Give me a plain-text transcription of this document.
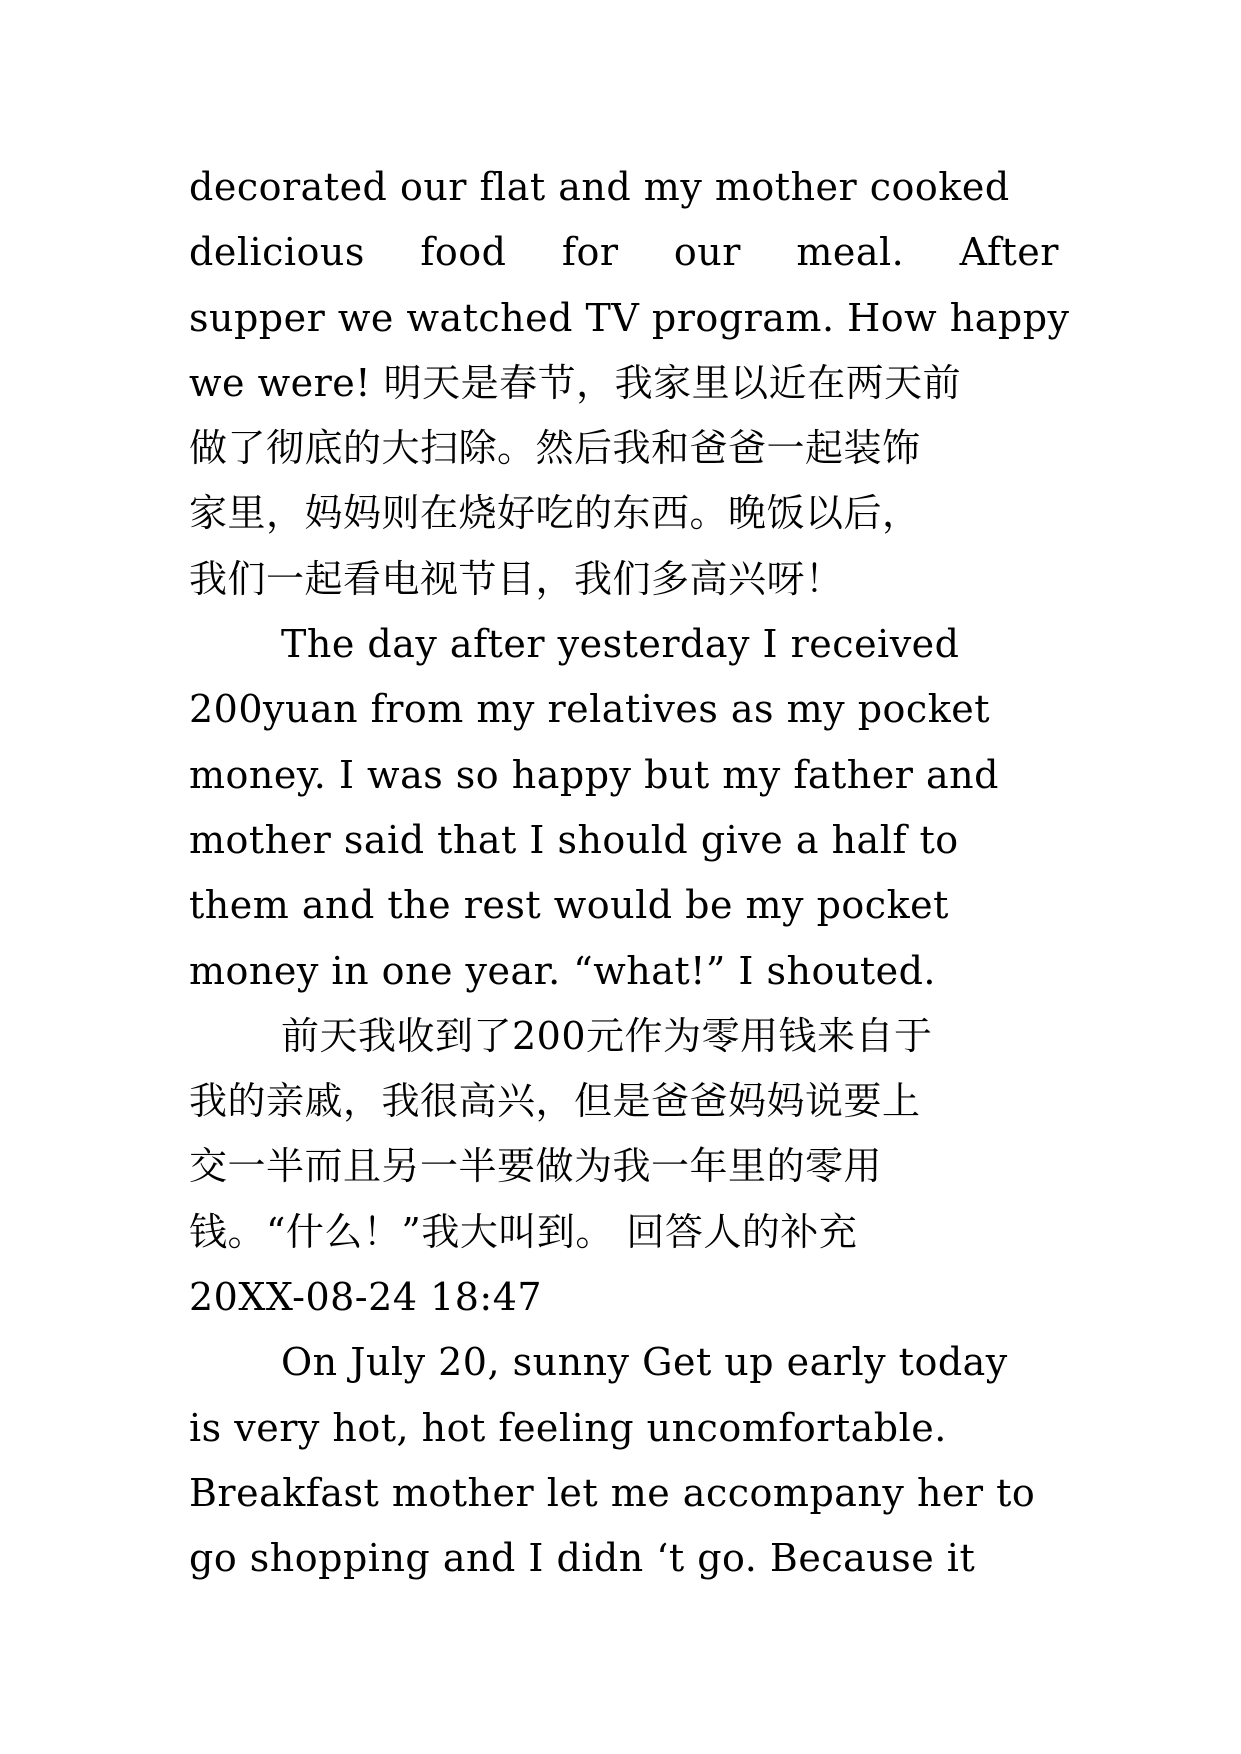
decorated our flat and my mother cooked
delicious food for our meal. After
supper we watched TV program. How happy
we were! 明天是春节，我家里以近在两天前
做了彻底的大扫除。然后我和爸爸一起装饰
家里，妈妈则在烧好吃的东西。晚饭以后，
我们一起看电视节目，我们多高兴呀！
The day after yesterday I received
200yuan from my relatives as my pocket
money. I was so happy but my father and
mother said that I should give a half to
them and the rest would be my pocket
money in one year. “what!” I shouted.
前天我收到了200元作为零用钱来自于
我的亲戚，我很高兴，但是爸爸妈妈说要上
交一半而且另一半要做为我一年里的零用
钱。“什么！”我大叫到。 回答人的补充
20XX-08-24 18:47
On July 20, sunny Get up early today
is very hot, hot feeling uncomfortable.
Breakfast mother let me accompany her to
go shopping and I didn ‘t go. Because it
